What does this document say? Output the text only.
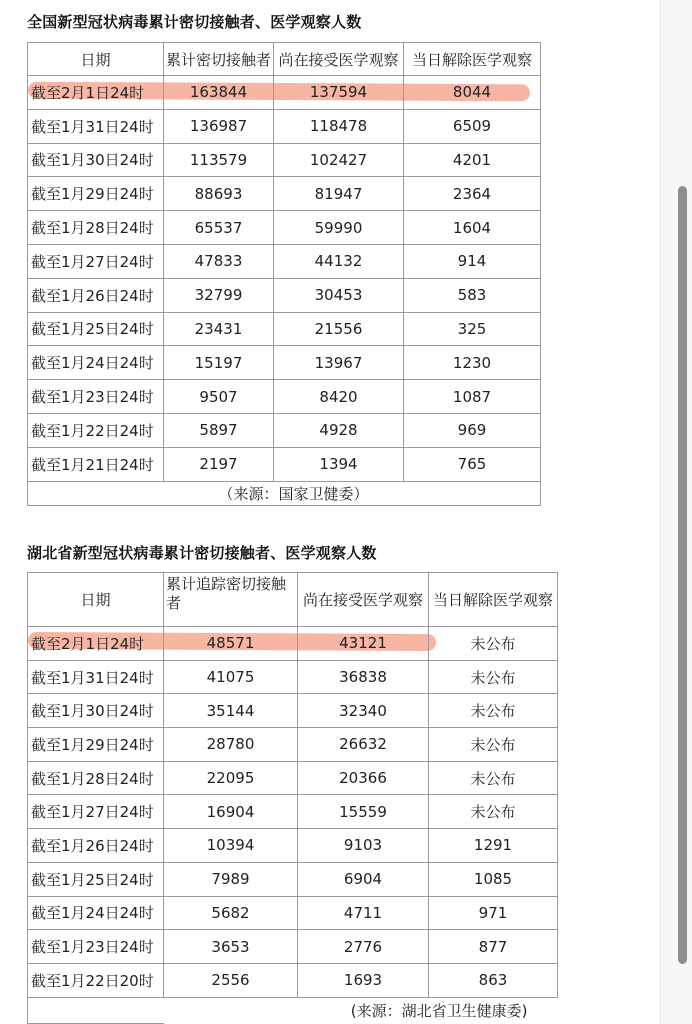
全国新型冠状病毒累计密切接触者、医学观察人数
日期	累计密切接触者	尚在接受医学观察	当日解除医学观察
截至2月1日24时	163844	137594	8044
截至1月31日24时	136987	118478	6509
截至1月30日24时	113579	102427	4201
截至1月29日24时	88693	81947	2364
截至1月28日24时	65537	59990	1604
截至1月27日24时	47833	44132	914
截至1月26日24时	32799	30453	583
截至1月25日24时	23431	21556	325
截至1月24日24时	15197	13967	1230
截至1月23日24时	9507	8420	1087
截至1月22日24时	5897	4928	969
截至1月21日24时	2197	1394	765
	（来源：国家卫健委）		
湖北省新型冠状病毒累计密切接触者、医学观察人数
日期	累计追踪密切接触者	尚在接受医学观察	当日解除医学观察
截至2月1日24时	48571	43121	未公布
截至1月31日24时	41075	36838	未公布
截至1月30日24时	35144	32340	未公布
截至1月29日24时	28780	26632	未公布
截至1月28日24时	22095	20366	未公布
截至1月27日24时	16904	15559	未公布
截至1月26日24时	10394	9103	1291
截至1月25日24时	7989	6904	1085
截至1月24日24时	5682	4711	971
截至1月23日24时	3653	2776	877
截至1月22日20时	2556	1693	863
	(来源：湖北省卫生健康委)		
